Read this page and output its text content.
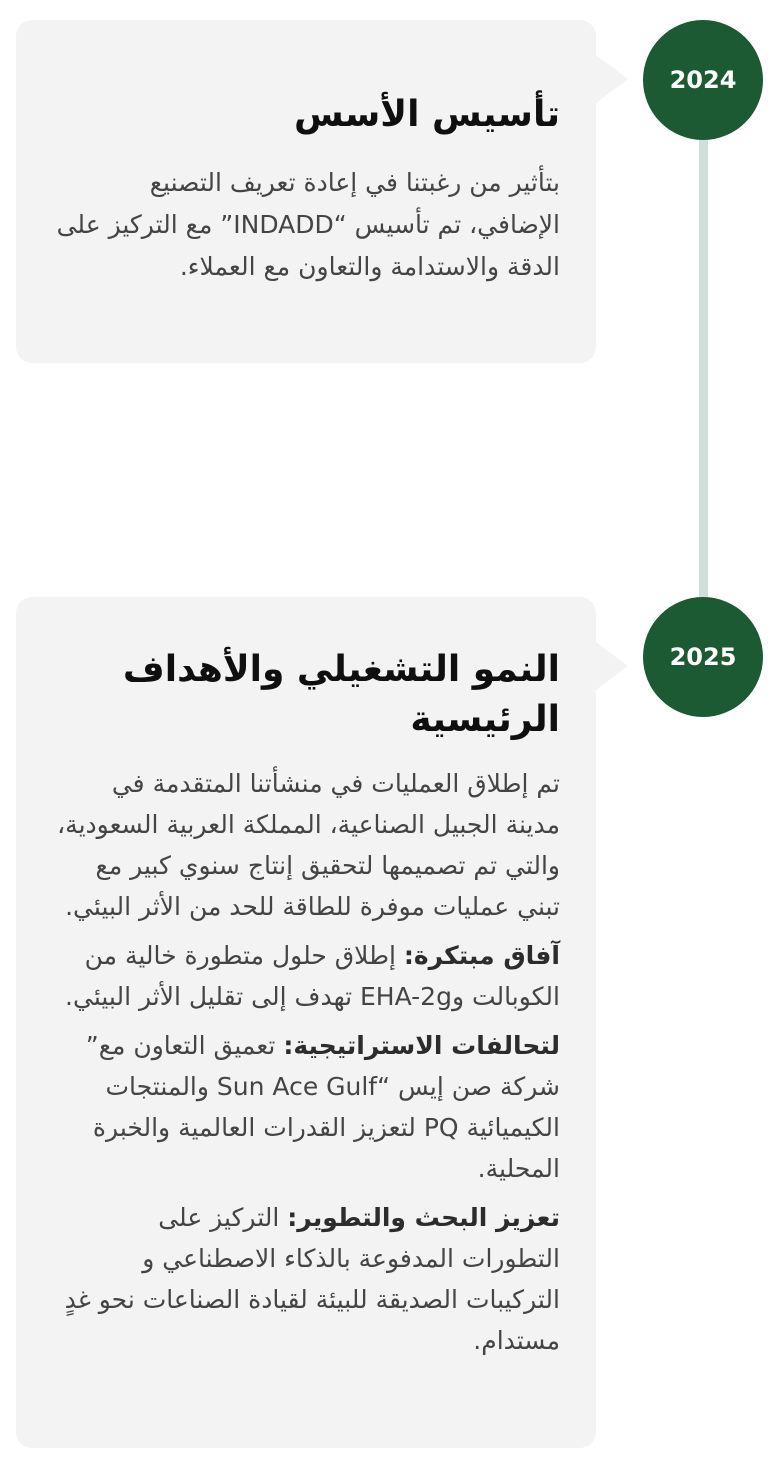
2024
تأسيس الأسس

بتأثير من رغبتنا في إعادة تعريف التصنيع الإضافي، تم تأسيس “INDADD” مع التركيز على الدقة والاستدامة والتعاون مع العملاء.

2025
النمو التشغيلي والأهداف الرئيسية

تم إطلاق العمليات في منشأتنا المتقدمة في مدينة الجبيل الصناعية، المملكة العربية السعودية، والتي تم تصميمها لتحقيق إنتاج سنوي كبير مع تبني عمليات موفرة للطاقة للحد من الأثر البيئي.

آفاق مبتكرة: إطلاق حلول متطورة خالية من الكوبالت وEHA-2g تهدف إلى تقليل الأثر البيئي.

لتحالفات الاستراتيجية: تعميق التعاون مع” شركة صن إيس “Sun Ace Gulf والمنتجات الكيميائية PQ لتعزيز القدرات العالمية والخبرة المحلية.

تعزيز البحث والتطوير: التركيز على التطورات المدفوعة بالذكاء الاصطناعي و التركيبات الصديقة للبيئة لقيادة الصناعات نحو غدٍ مستدام.
